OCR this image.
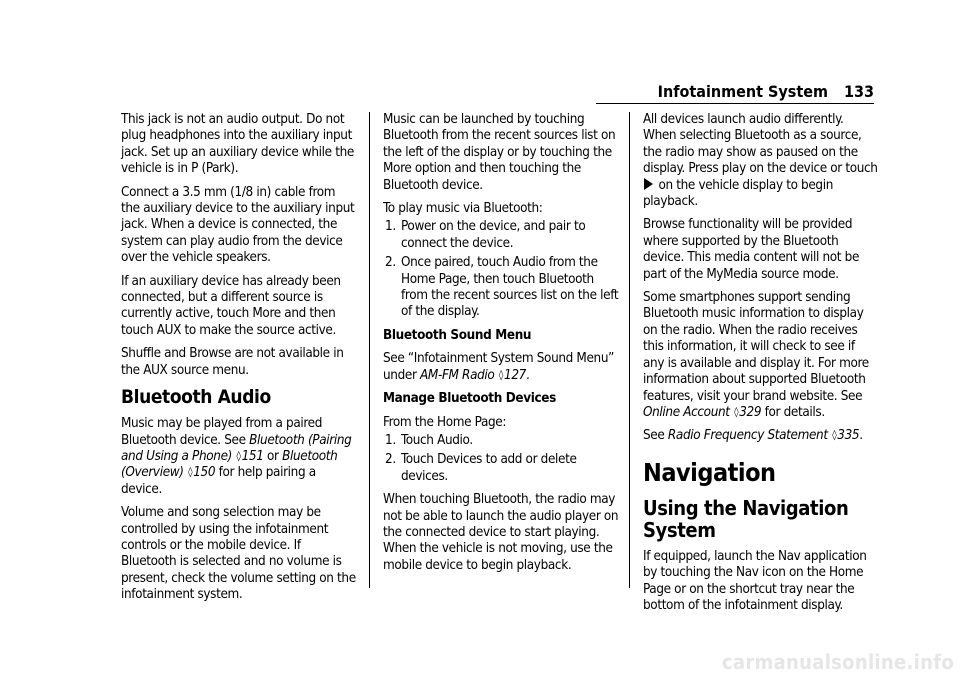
Infotainment System 133

This jack is not an audio output. Do not plug headphones into the auxiliary input jack. Set up an auxiliary device while the vehicle is in P (Park).

Connect a 3.5 mm (1/8 in) cable from the auxiliary device to the auxiliary input jack. When a device is connected, the system can play audio from the device over the vehicle speakers.

If an auxiliary device has already been connected, but a different source is currently active, touch More and then touch AUX to make the source active.

Shuffle and Browse are not available in the AUX source menu.

Bluetooth Audio

Music may be played from a paired Bluetooth device. See Bluetooth (Pairing and Using a Phone) ◊151 or Bluetooth (Overview) ◊150 for help pairing a device.

Volume and song selection may be controlled by using the infotainment controls or the mobile device. If Bluetooth is selected and no volume is present, check the volume setting on the infotainment system.

Music can be launched by touching Bluetooth from the recent sources list on the left of the display or by touching the More option and then touching the Bluetooth device.

To play music via Bluetooth:

1. Power on the device, and pair to connect the device.
2. Once paired, touch Audio from the Home Page, then touch Bluetooth from the recent sources list on the left of the display.

Bluetooth Sound Menu

See “Infotainment System Sound Menu” under AM-FM Radio ◊127.

Manage Bluetooth Devices

From the Home Page:

1. Touch Audio.
2. Touch Devices to add or delete devices.

When touching Bluetooth, the radio may not be able to launch the audio player on the connected device to start playing. When the vehicle is not moving, use the mobile device to begin playback.

All devices launch audio differently. When selecting Bluetooth as a source, the radio may show as paused on the display. Press play on the device or touch  on the vehicle display to begin playback.

Browse functionality will be provided where supported by the Bluetooth device. This media content will not be part of the MyMedia source mode.

Some smartphones support sending Bluetooth music information to display on the radio. When the radio receives this information, it will check to see if any is available and display it. For more information about supported Bluetooth features, visit your brand website. See Online Account ◊329 for details.

See Radio Frequency Statement ◊335.

Navigation
Using the Navigation System

If equipped, launch the Nav application by touching the Nav icon on the Home Page or on the shortcut tray near the bottom of the infotainment display.

carmanualsonline.info
